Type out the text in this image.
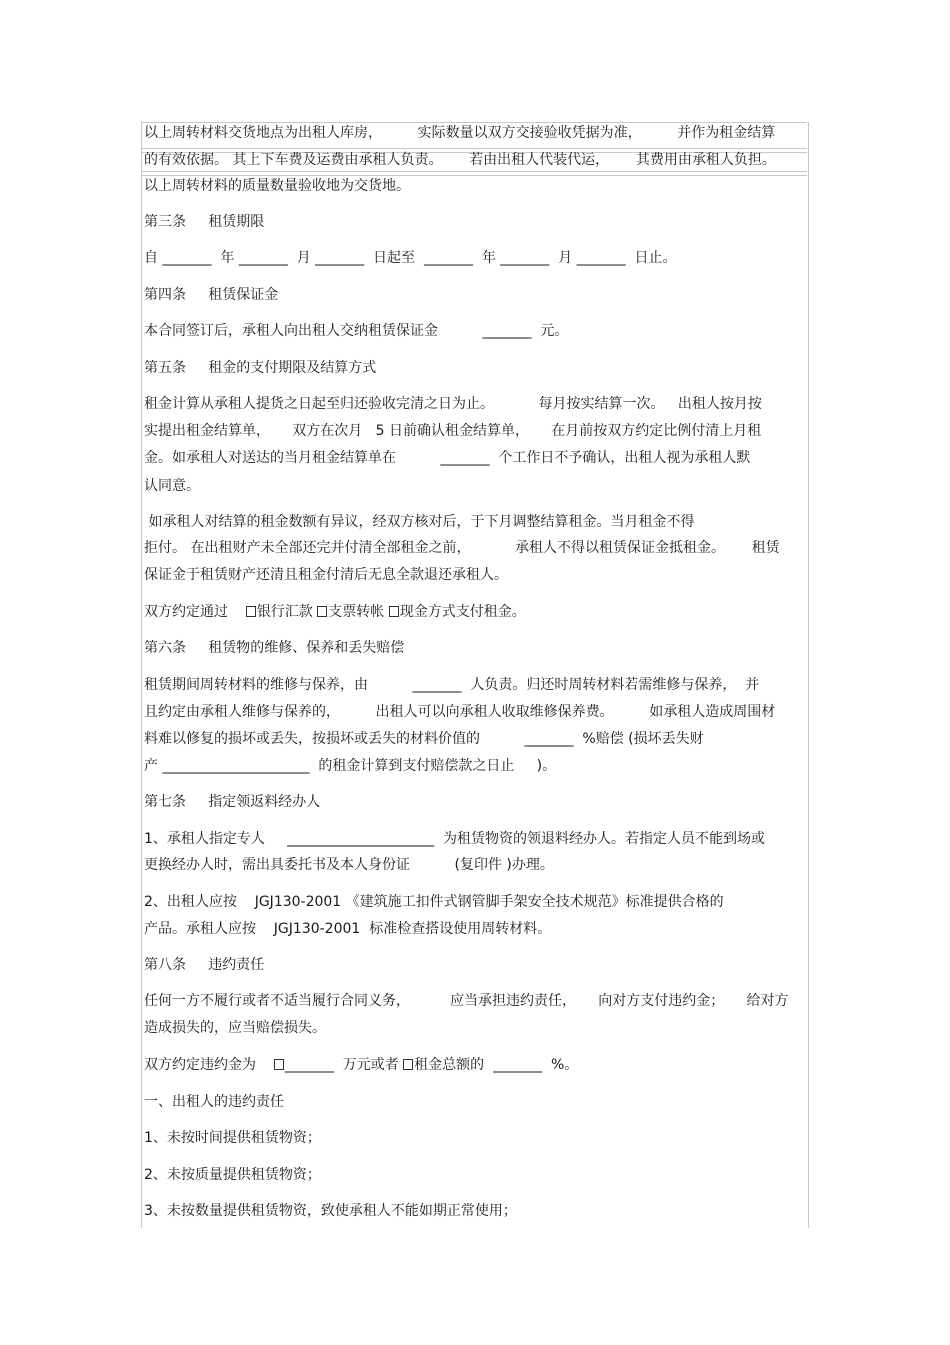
以上周转材料交货地点为出租人库房，        实际数量以双方交接验收凭据为准，        并作为租金结算
的有效依据。 其上下车费及运费由承租人负责。      若由出租人代装代运，      其费用由承租人负担。
以上周转材料的质量数量验收地为交货地。
第三条     租赁期限
自 _______  年 _______  月 _______  日起至  _______  年 _______  月 _______  日止。
第四条     租赁保证金
本合同签订后，承租人向出租人交纳租赁保证金          _______  元。
第五条     租金的支付期限及结算方式
租金计算从承租人提货之日起至归还验收完清之日为止。          每月按实结算一次。   出租人按月按
实提出租金结算单，     双方在次月   5 日前确认租金结算单，     在月前按双方约定比例付清上月租
金。如承租人对送达的当月租金结算单在          _______  个工作日不予确认，出租人视为承租人默
认同意。
如承租人对结算的租金数额有异议，经双方核对后，于下月调整结算租金。当月租金不得
拒付。 在出租财产未全部还完并付清全部租金之前，          承租人不得以租赁保证金抵租金。      租赁
保证金于租赁财产还清且租金付清后无息全款退还承租人。
双方约定通过    银行汇款 支票转帐 现金方式支付租金。
第六条     租赁物的维修、保养和丢失赔偿
租赁期间周转材料的维修与保养，由          _______  人负责。归还时周转材料若需维修与保养，  并
且约定由承租人维修与保养的，        出租人可以向承租人收取维修保养费。        如承租人造成周围材
料难以修复的损坏或丢失，按损坏或丢失的材料价值的          _______  %赔偿 (损坏丢失财
产 _____________________  的租金计算到支付赔偿款之日止     )。
第七条     指定领返料经办人
1、承租人指定专人     _____________________  为租赁物资的领退料经办人。若指定人员不能到场或
更换经办人时，需出具委托书及本人身份证          (复印件 )办理。
2、出租人应按    JGJ130-2001 《建筑施工扣件式钢管脚手架安全技术规范》标准提供合格的
产品。承租人应按    JGJ130-2001  标准检查搭设使用周转材料。
第八条     违约责任
任何一方不履行或者不适当履行合同义务，         应当承担违约责任，     向对方支付违约金；     给对方
造成损失的，应当赔偿损失。
双方约定违约金为    _______  万元或者 租金总额的  _______  %。
一、出租人的违约责任
1、未按时间提供租赁物资；
2、未按质量提供租赁物资；
3、未按数量提供租赁物资，致使承租人不能如期正常使用；
